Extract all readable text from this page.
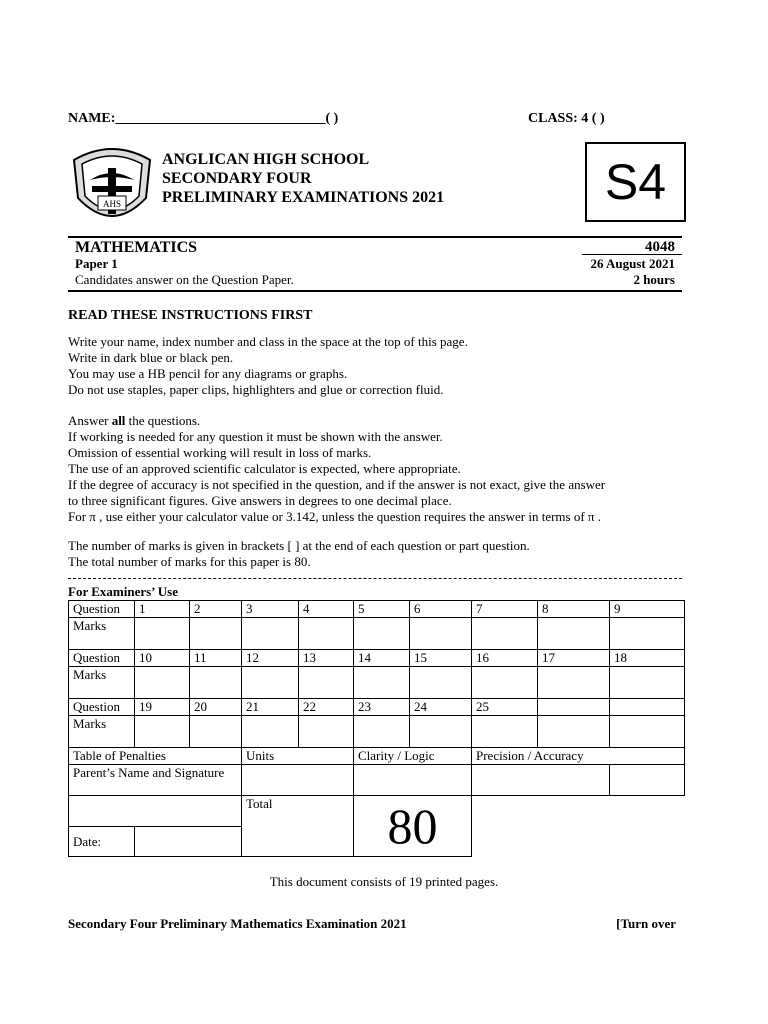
NAME:______________________________( )	CLASS: 4 ( )
AHS
ANGLICAN HIGH SCHOOL
SECONDARY FOUR
PRELIMINARY EXAMINATIONS 2021	S4
MATHEMATICS	4048
Paper 1	26 August 2021
Candidates answer on the Question Paper.	2 hours
READ THESE INSTRUCTIONS FIRST
Write your name, index number and class in the space at the top of this page.
Write in dark blue or black pen.
You may use a HB pencil for any diagrams or graphs.
Do not use staples, paper clips, highlighters and glue or correction fluid.
Answer all the questions.
If working is needed for any question it must be shown with the answer.
Omission of essential working will result in loss of marks.
The use of an approved scientific calculator is expected, where appropriate.
If the degree of accuracy is not specified in the question, and if the answer is not exact, give the answer
to three significant figures. Give answers in degrees to one decimal place.
For π , use either your calculator value or 3.142, unless the question requires the answer in terms of π .
The number of marks is given in brackets [ ] at the end of each question or part question.
The total number of marks for this paper is 80.
For Examiners’ Use
Question	1	2	3	4	5	6	7	8	9
Marks									
Question	10	11	12	13	14	15	16	17	18
Marks									
Question	19	20	21	22	23	24	25		
Marks									
Table of Penalties			Units		Clarity / Logic		Precision / Accuracy		
Parent’s Name and Signature									
			Total		80				
Date:									
This document consists of 19 printed pages.
Secondary Four Preliminary Mathematics Examination 2021	[Turn over
